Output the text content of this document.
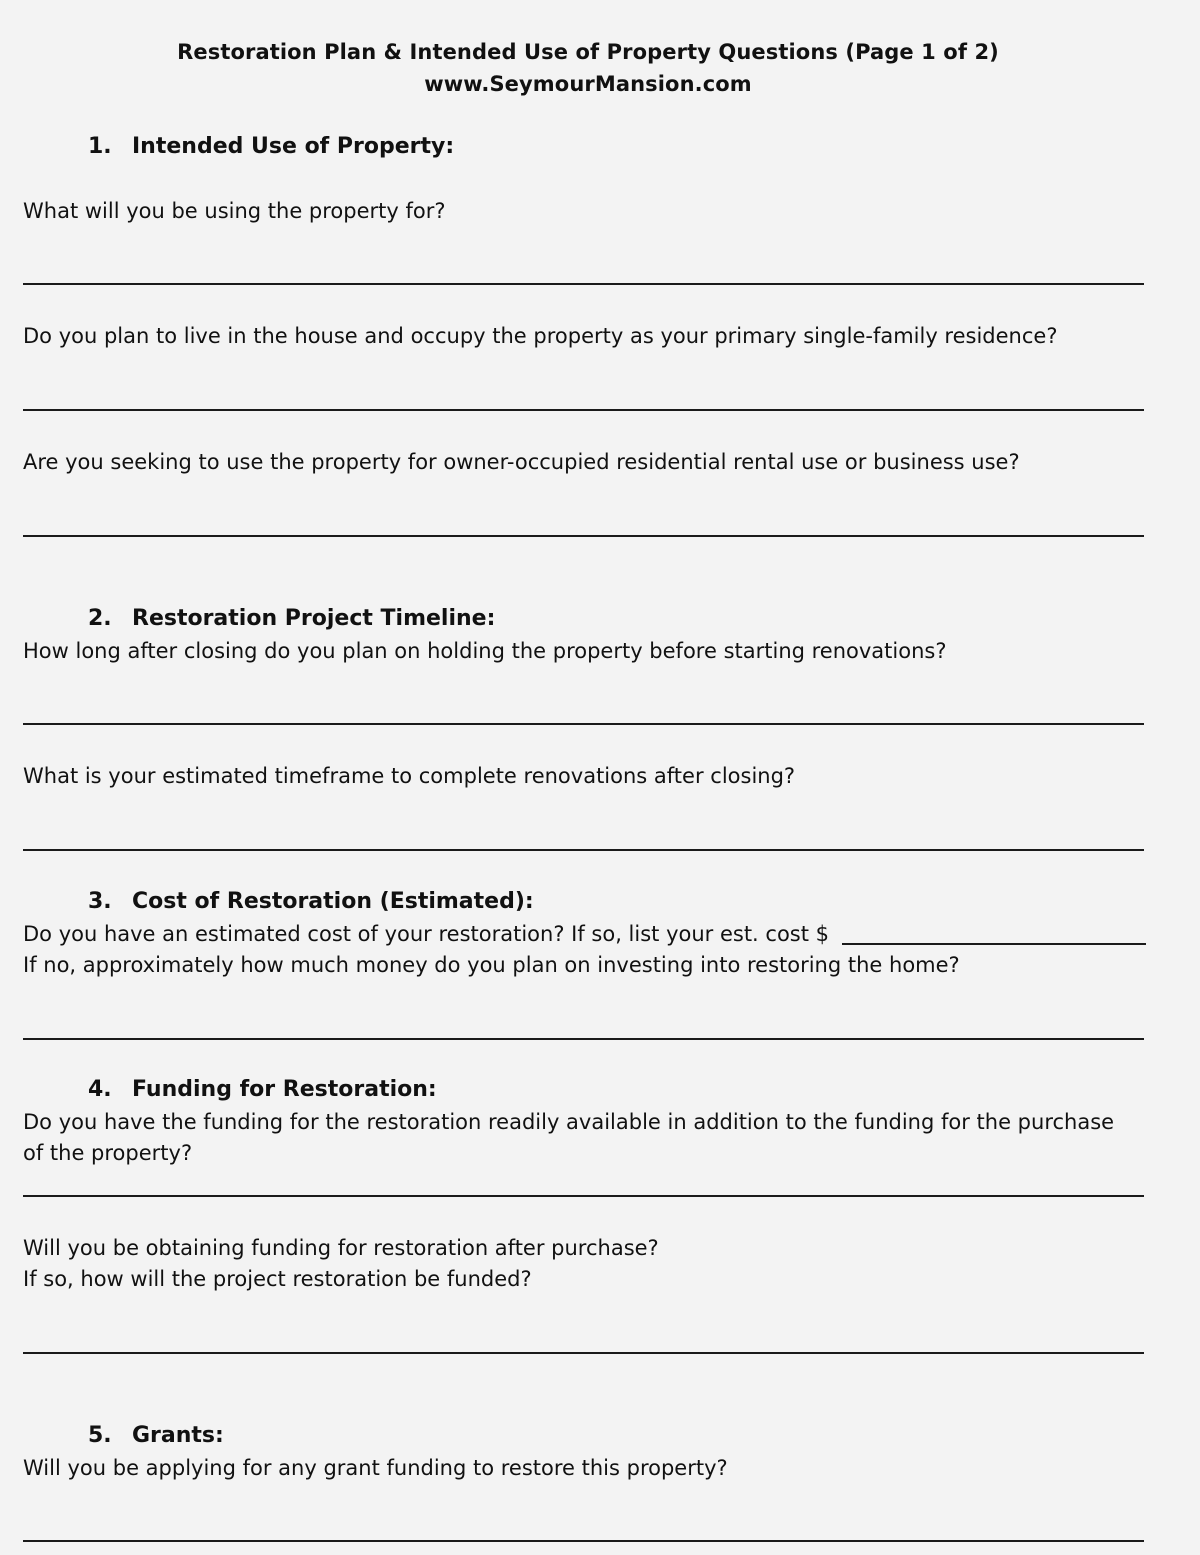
Restoration Plan & Intended Use of Property Questions (Page 1 of 2)
www.SeymourMansion.com
1. Intended Use of Property:
What will you be using the property for?
Do you plan to live in the house and occupy the property as your primary single-family residence?
Are you seeking to use the property for owner-occupied residential rental use or business use?
2. Restoration Project Timeline:
How long after closing do you plan on holding the property before starting renovations?
What is your estimated timeframe to complete renovations after closing?
3. Cost of Restoration (Estimated):
Do you have an estimated cost of your restoration? If so, list your est. cost $
If no, approximately how much money do you plan on investing into restoring the home?
4. Funding for Restoration:
Do you have the funding for the restoration readily available in addition to the funding for the purchase
of the property?
Will you be obtaining funding for restoration after purchase?
If so, how will the project restoration be funded?
5. Grants:
Will you be applying for any grant funding to restore this property?
